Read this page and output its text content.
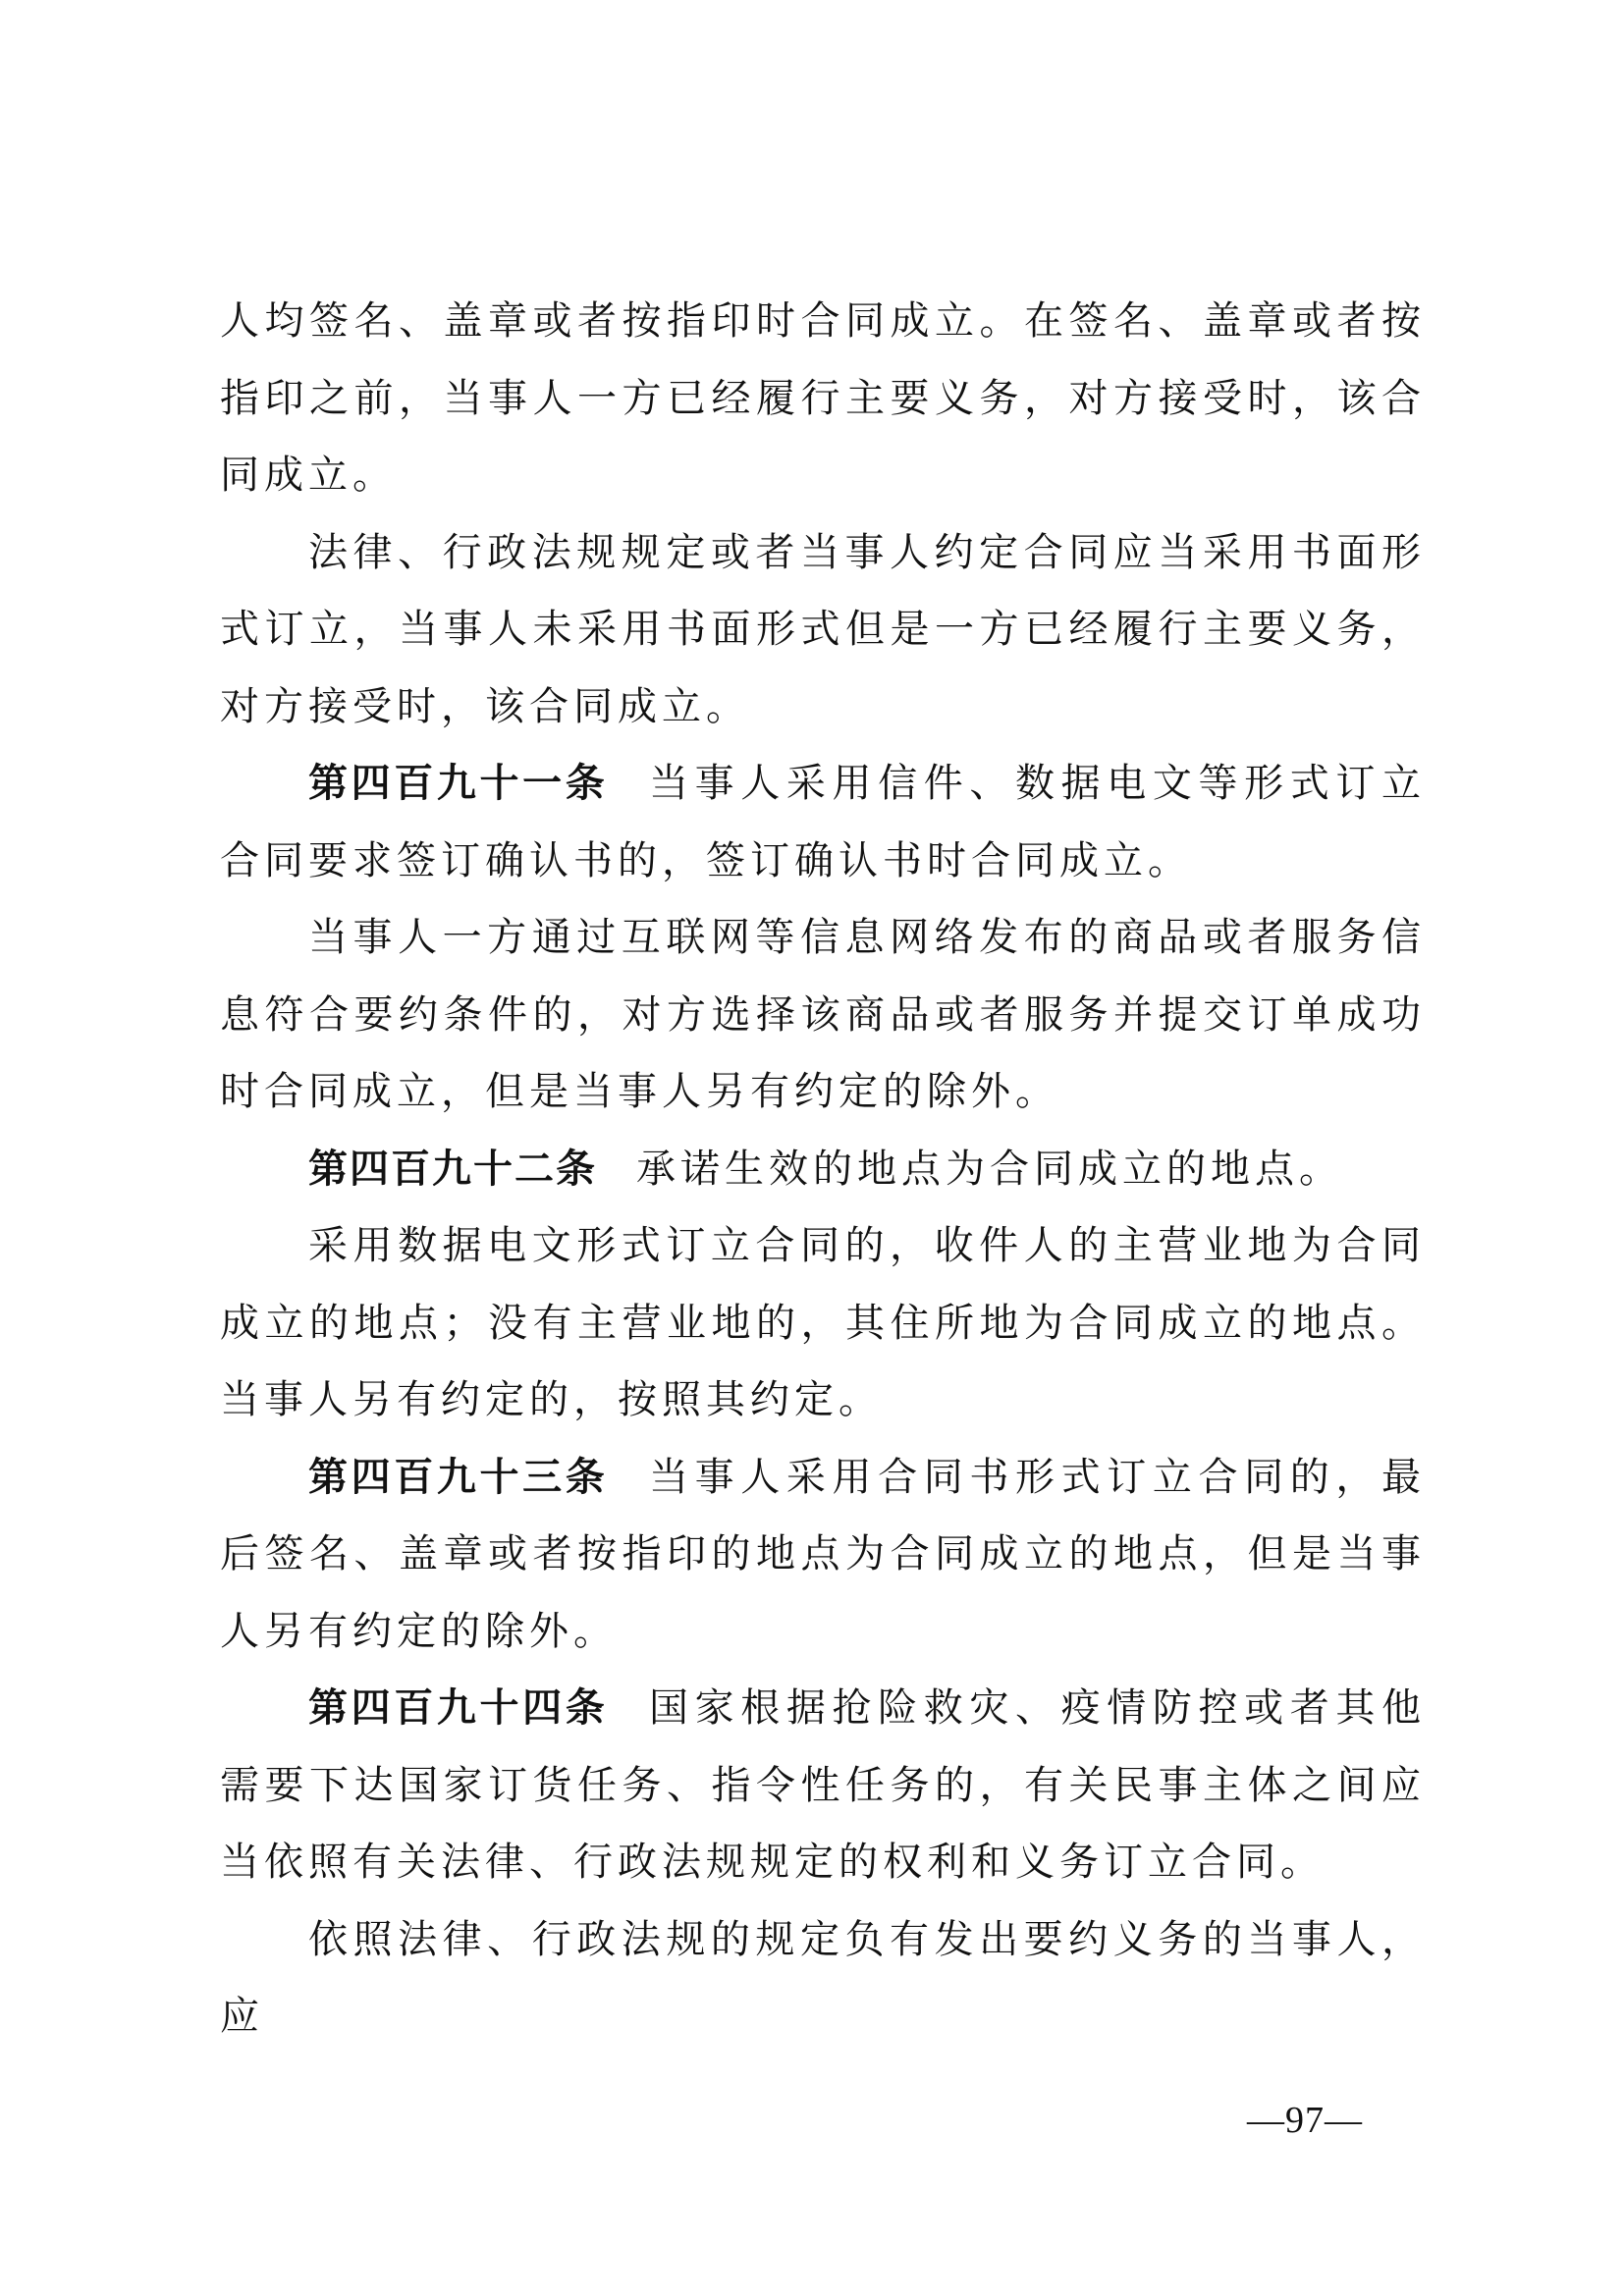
人均签名、盖章或者按指印时合同成立。在签名、盖章或者按指印之前，当事人一方已经履行主要义务，对方接受时，该合同成立。

法律、行政法规规定或者当事人约定合同应当采用书面形式订立，当事人未采用书面形式但是一方已经履行主要义务，对方接受时，该合同成立。

第四百九十一条 当事人采用信件、数据电文等形式订立合同要求签订确认书的，签订确认书时合同成立。

当事人一方通过互联网等信息网络发布的商品或者服务信息符合要约条件的，对方选择该商品或者服务并提交订单成功时合同成立，但是当事人另有约定的除外。

第四百九十二条 承诺生效的地点为合同成立的地点。

采用数据电文形式订立合同的，收件人的主营业地为合同成立的地点；没有主营业地的，其住所地为合同成立的地点。当事人另有约定的，按照其约定。

第四百九十三条 当事人采用合同书形式订立合同的，最后签名、盖章或者按指印的地点为合同成立的地点，但是当事人另有约定的除外。

第四百九十四条 国家根据抢险救灾、疫情防控或者其他需要下达国家订货任务、指令性任务的，有关民事主体之间应当依照有关法律、行政法规规定的权利和义务订立合同。

依照法律、行政法规的规定负有发出要约义务的当事人，应

—97—
